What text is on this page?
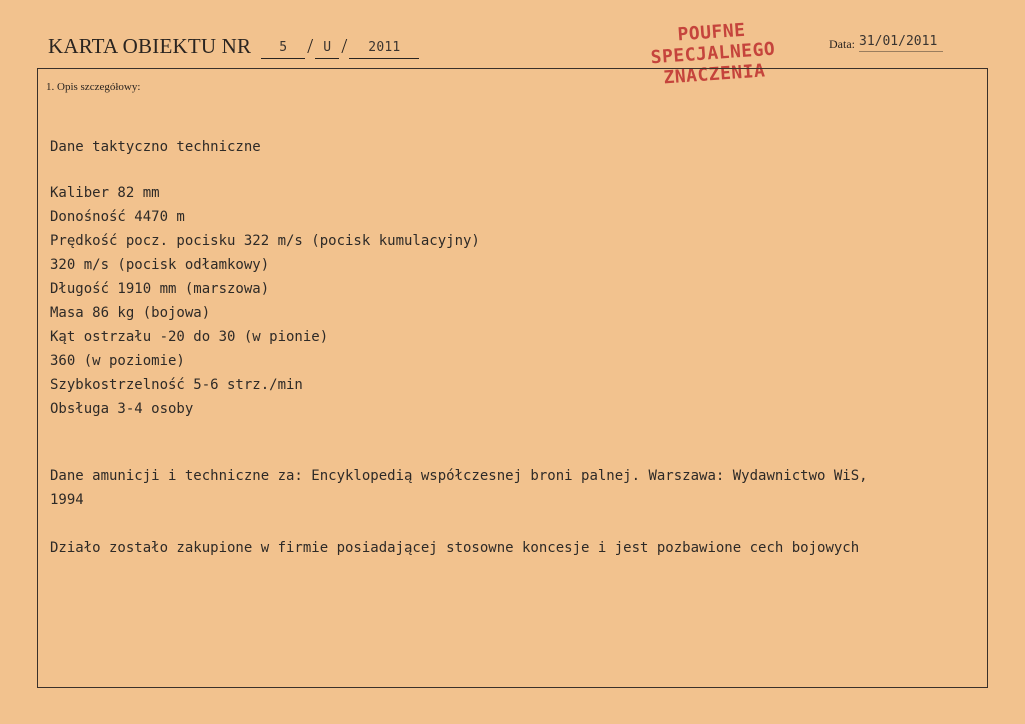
KARTA OBIEKTU NR	5 / U /	2011
POUFNE
SPECJALNEGO
ZNACZENIA
Data: 31/01/2011
1. Opis szczegółowy:
Dane taktyczno techniczne
Kaliber 82 mm
Donośność 4470 m
Prędkość pocz. pocisku 322 m/s (pocisk kumulacyjny)
320 m/s (pocisk odłamkowy)
Długość 1910 mm (marszowa)
Masa 86 kg (bojowa)
Kąt ostrzału -20 do 30 (w pionie)
360 (w poziomie)
Szybkostrzelność 5-6 strz./min
Obsługa 3-4 osoby
Dane amunicji i techniczne za: Encyklopedią współczesnej broni palnej. Warszawa: Wydawnictwo WiS,
1994
Działo zostało zakupione w firmie posiadającej stosowne koncesje i jest pozbawione cech bojowych
